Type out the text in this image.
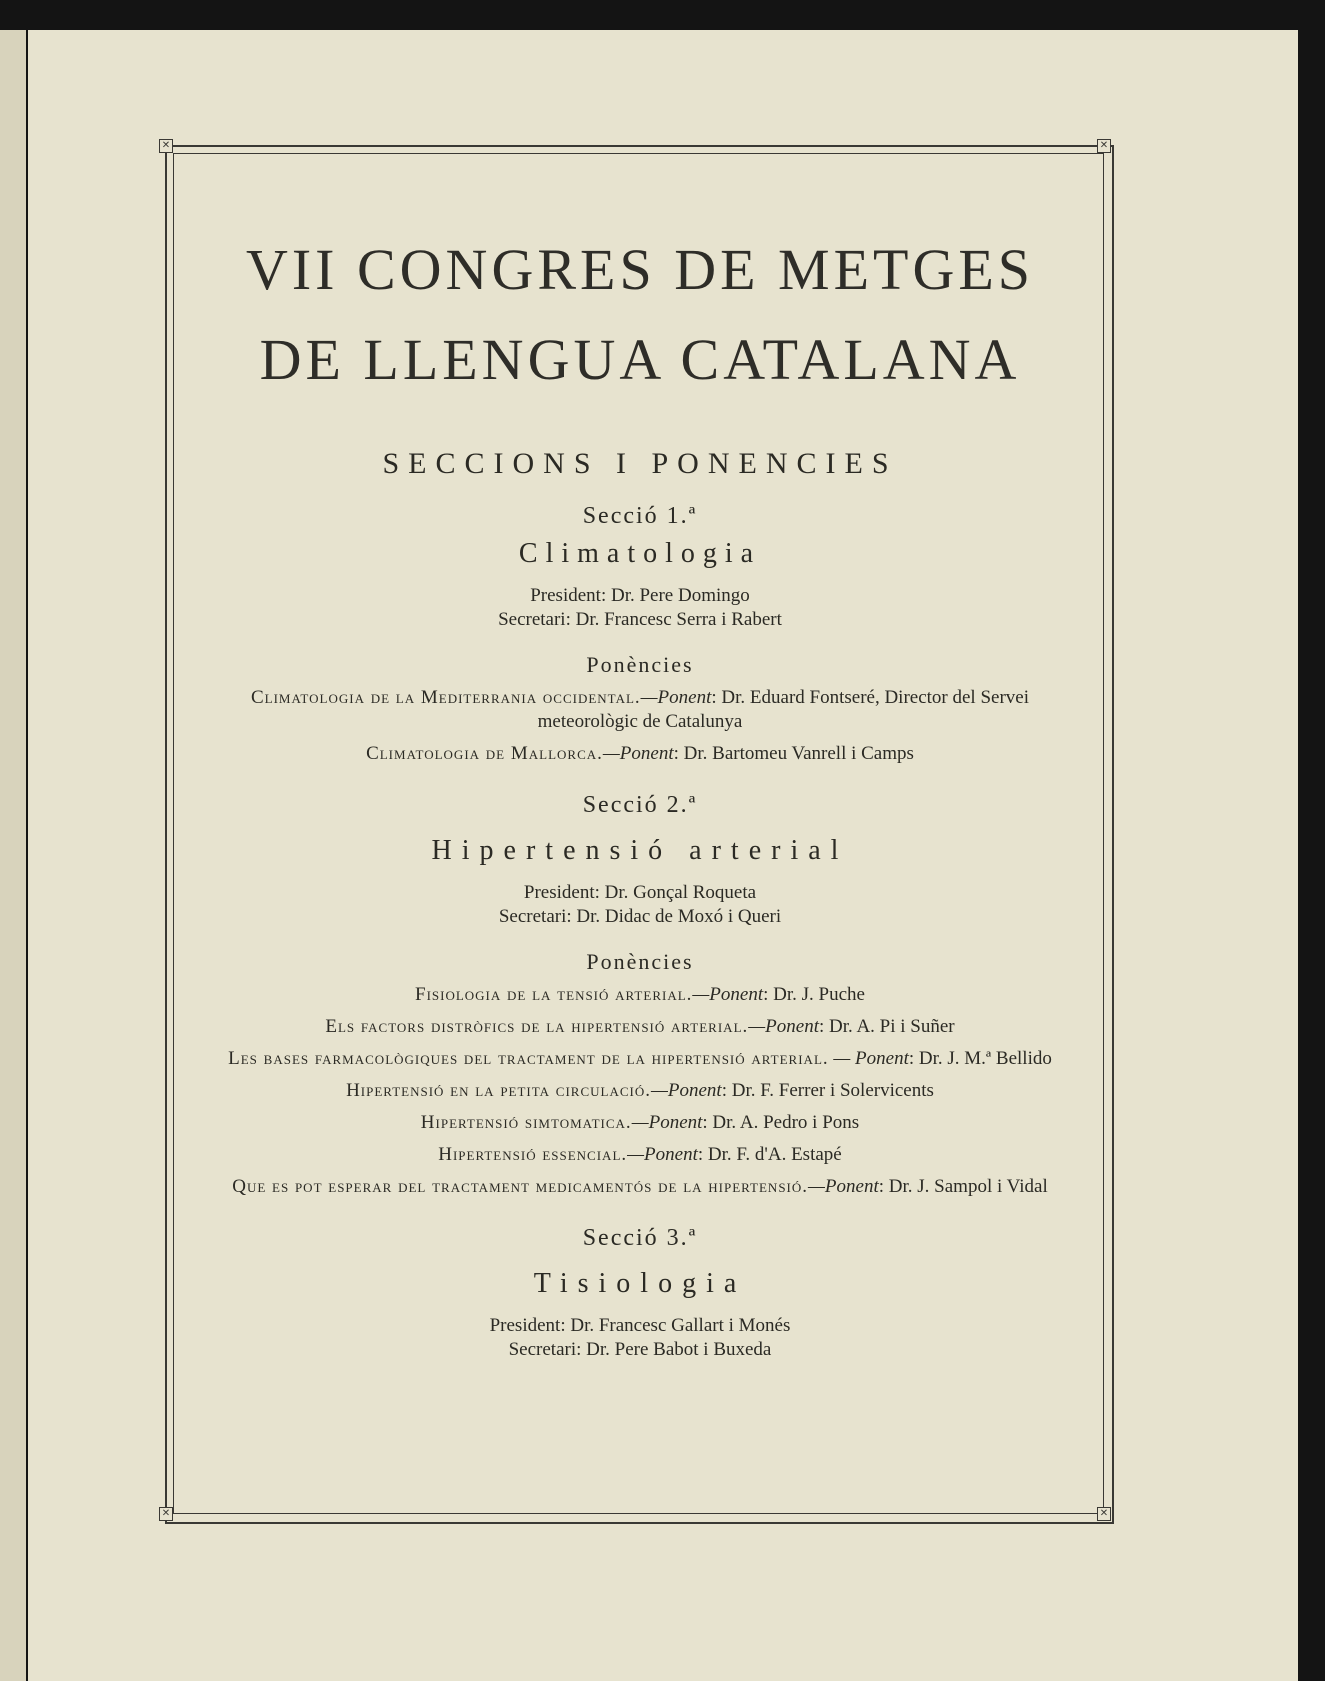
✕	✕
✕	✕
VII CONGRES DE METGES
DE LLENGUA CATALANA
SECCIONS I PONENCIES
Secció 1.ª
Climatologia
President: Dr. Pere Domingo
Secretari: Dr. Francesc Serra i Rabert
Ponències
Climatologia de la Mediterrania occidental.—Ponent: Dr. Eduard Fontseré, Director del Servei meteorològic de Catalunya
Climatologia de Mallorca.—Ponent: Dr. Bartomeu Vanrell i Camps
Secció 2.ª
Hipertensió arterial
President: Dr. Gonçal Roqueta
Secretari: Dr. Didac de Moxó i Queri
Ponències
Fisiologia de la tensió arterial.—Ponent: Dr. J. Puche
Els factors distròfics de la hipertensió arterial.—Ponent: Dr. A. Pi i Suñer
Les bases farmacològiques del tractament de la hipertensió arterial. — Ponent: Dr. J. M.ª Bellido
Hipertensió en la petita circulació.—Ponent: Dr. F. Ferrer i Solervicents
Hipertensió simtomatica.—Ponent: Dr. A. Pedro i Pons
Hipertensió essencial.—Ponent: Dr. F. d'A. Estapé
Que es pot esperar del tractament medicamentós de la hipertensió.—Ponent: Dr. J. Sampol i Vidal
Secció 3.ª
Tisiologia
President: Dr. Francesc Gallart i Monés
Secretari: Dr. Pere Babot i Buxeda
